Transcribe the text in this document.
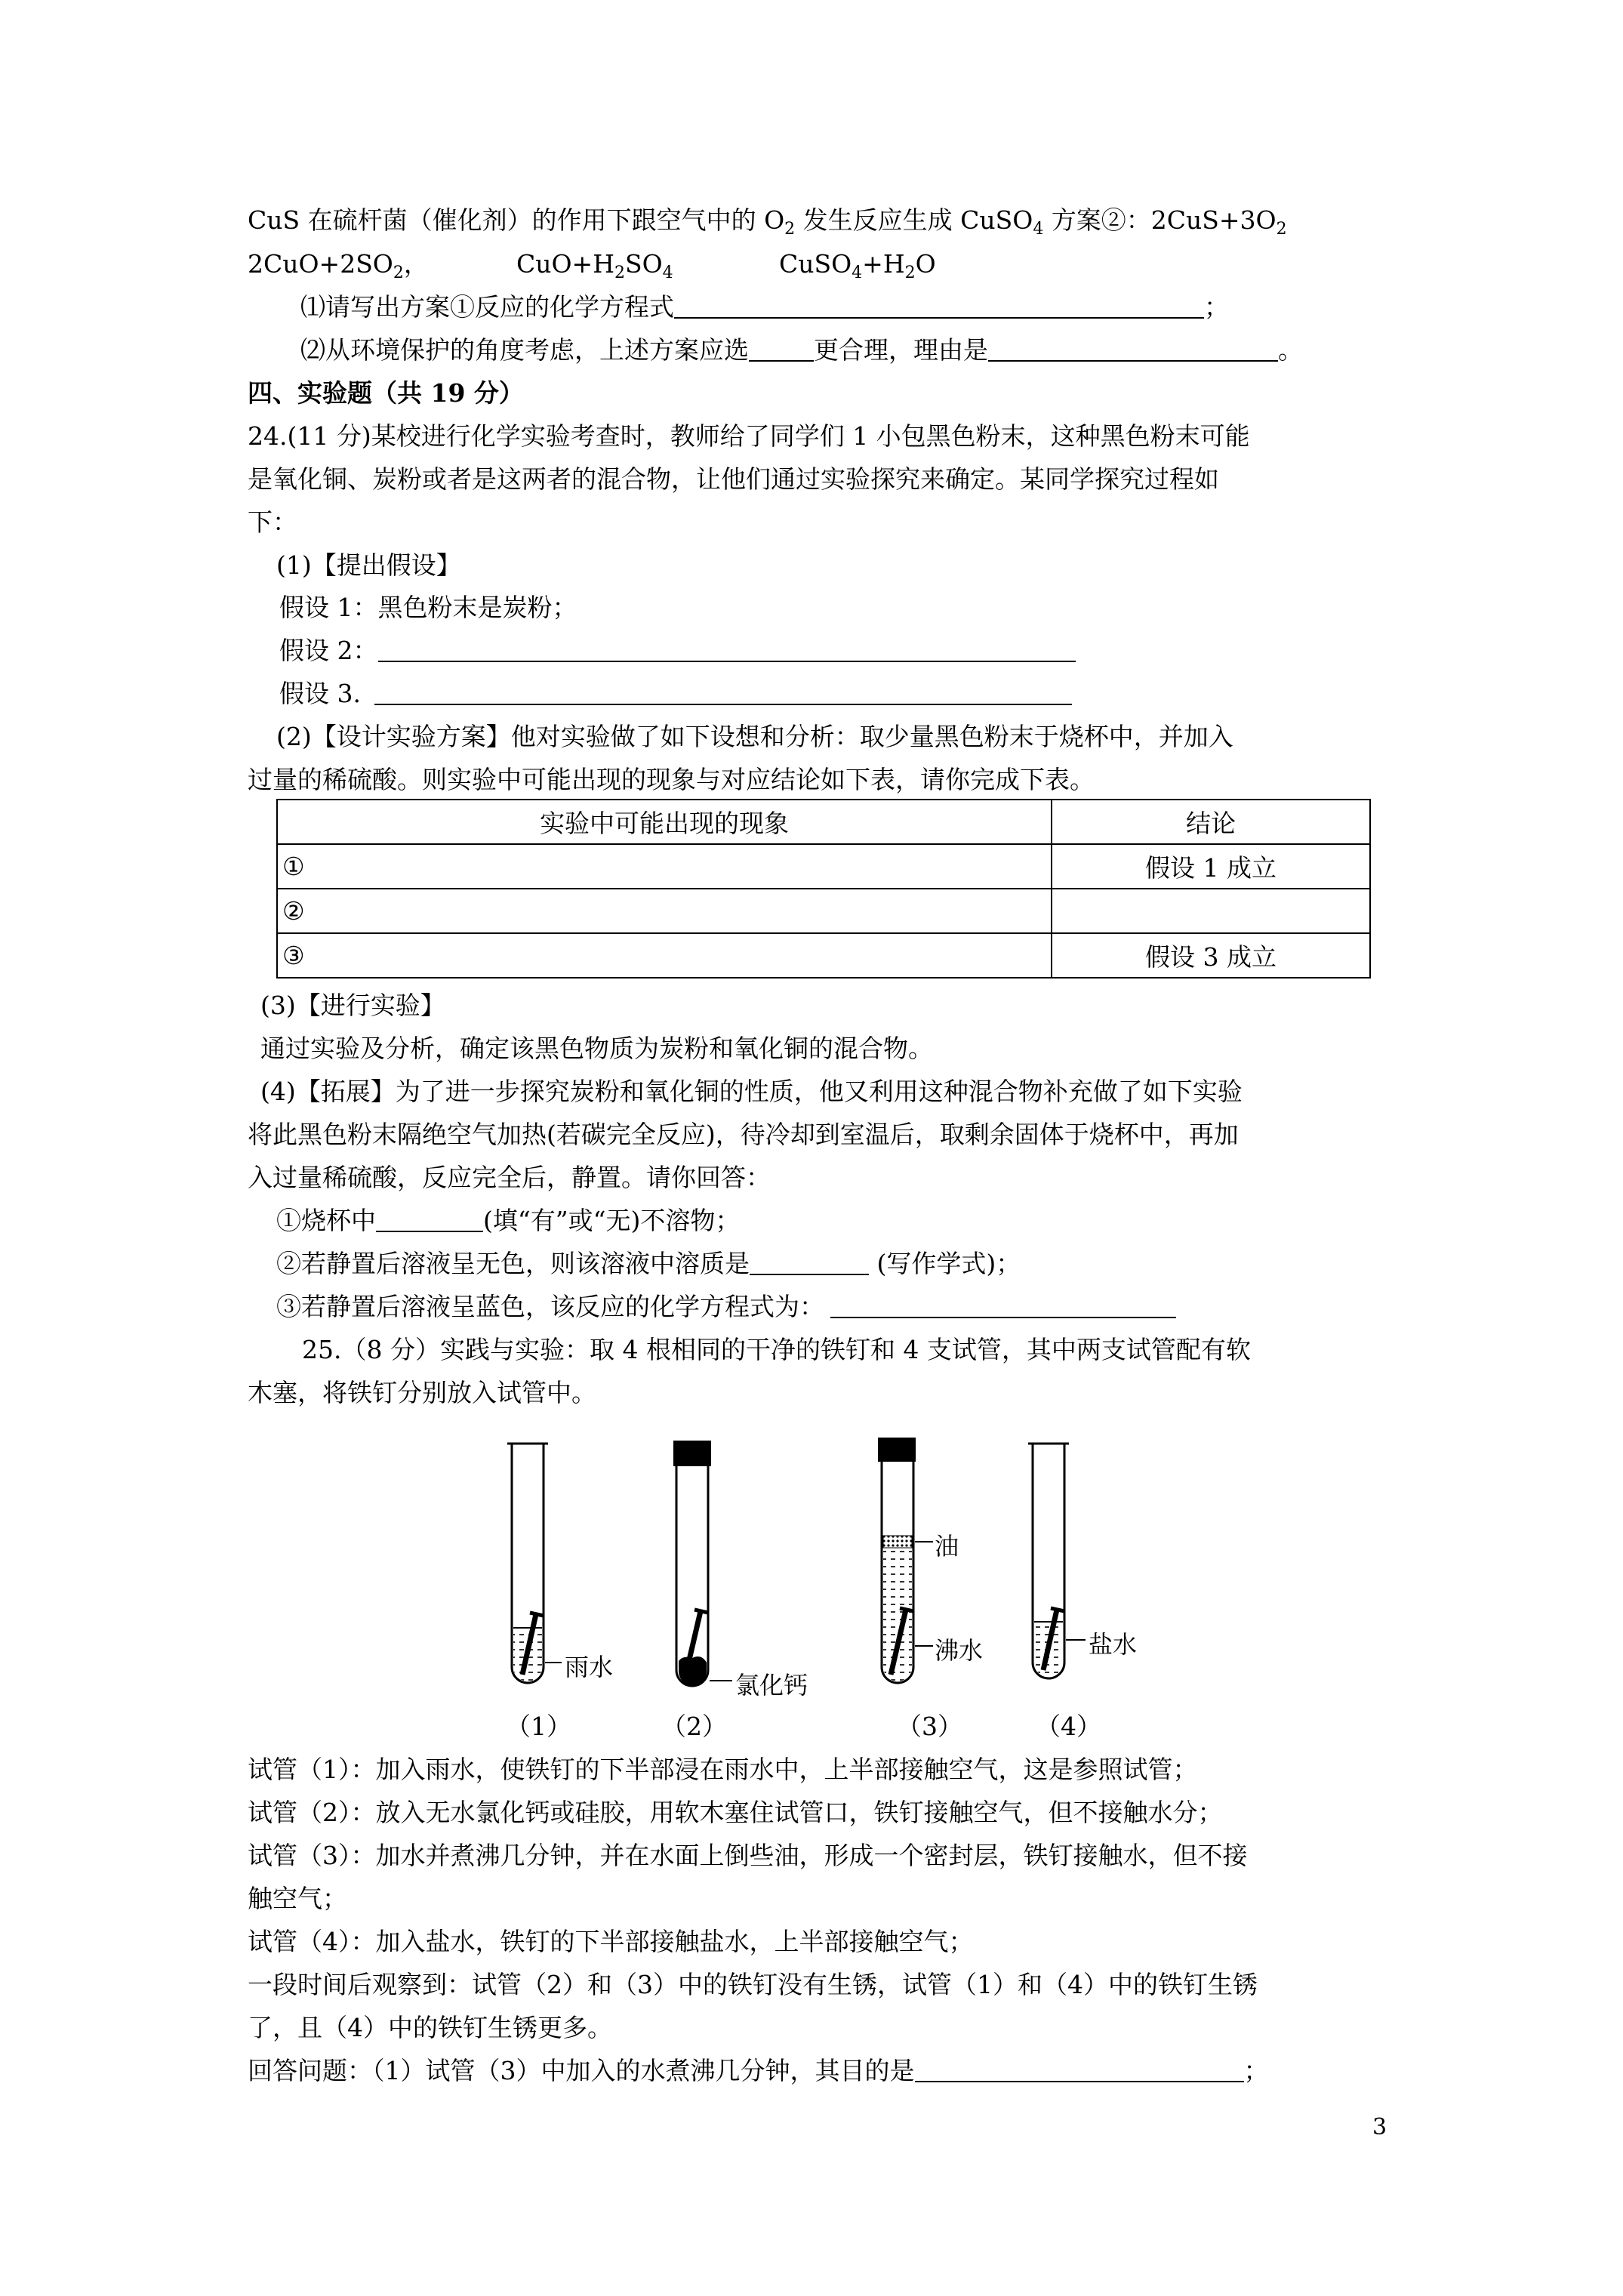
CuS 在硫杆菌（催化剂）的作用下跟空气中的 $O_2$ 发生反应生成 CuSO$_4$ 方案②：$2CuS+3O_2$
$2CuO+2SO_2$，	$CuO+H_2SO_4$	$CuSO_4+H_2O$
⑴请写出方案①反应的化学方程式	；
⑵从环境保护的角度考虑，上述方案应选	更合理，理由是	。
四、实验题（共 19 分）
24.(11 分)某校进行化学实验考查时，教师给了同学们 1 小包黑色粉末，这种黑色粉末可能
是氧化铜、炭粉或者是这两者的混合物，让他们通过实验探究来确定。某同学探究过程如
下：
(1)【提出假设】
假设 1：黑色粉末是炭粉；
假设 2：
假设 3.
(2)【设计实验方案】他对实验做了如下设想和分析：取少量黑色粉末于烧杯中，并加入
过量的稀硫酸。则实验中可能出现的现象与对应结论如下表，请你完成下表。
实验中可能出现的现象	结论
①	假设 1 成立
②	
③	假设 3 成立
(3)【进行实验】
通过实验及分析，确定该黑色物质为炭粉和氧化铜的混合物。
(4)【拓展】为了进一步探究炭粉和氧化铜的性质，他又利用这种混合物补充做了如下实验
将此黑色粉末隔绝空气加热(若碳完全反应)，待冷却到室温后，取剩余固体于烧杯中，再加
入过量稀硫酸，反应完全后，静置。请你回答：
①烧杯中	(填“有”或“无)不溶物；
②若静置后溶液呈无色，则该溶液中溶质是	(写作学式)；
③若静置后溶液呈蓝色，该反应的化学方程式为：
25.（8 分）实践与实验：取 4 根相同的干净的铁钉和 4 支试管，其中两支试管配有软
木塞，将铁钉分别放入试管中。
雨水
氯化钙
油
沸水	盐水
（1）	（2）	（3）	（4）
试管（1）：加入雨水，使铁钉的下半部浸在雨水中，上半部接触空气，这是参照试管；
试管（2）：放入无水氯化钙或硅胶，用软木塞住试管口，铁钉接触空气，但不接触水分；
试管（3）：加水并煮沸几分钟，并在水面上倒些油，形成一个密封层，铁钉接触水，但不接
触空气；
试管（4）：加入盐水，铁钉的下半部接触盐水，上半部接触空气；
一段时间后观察到：试管（2）和（3）中的铁钉没有生锈，试管（1）和（4）中的铁钉生锈
了，且（4）中的铁钉生锈更多。
回答问题：（1）试管（3）中加入的水煮沸几分钟，其目的是	；
3
